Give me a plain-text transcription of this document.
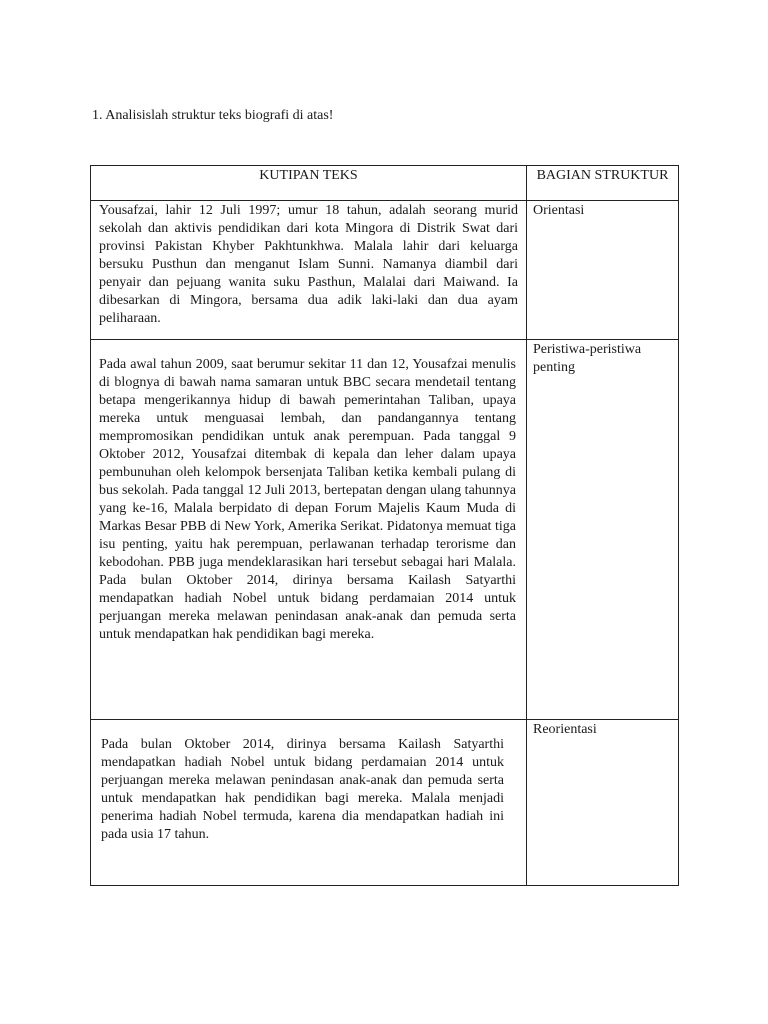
1. Analisislah struktur teks biografi di atas!
KUTIPAN TEKS	BAGIAN STRUKTUR
Yousafzai, lahir 12 Juli 1997; umur 18 tahun, adalah seorang murid sekolah dan aktivis pendidikan dari kota Mingora di Distrik Swat dari provinsi Pakistan Khyber Pakhtunkhwa. Malala lahir dari keluarga bersuku Pusthun dan menganut Islam Sunni. Namanya diambil dari penyair dan pejuang wanita suku Pasthun, Malalai dari Maiwand. Ia dibesarkan di Mingora, bersama dua adik laki-laki dan dua ayam peliharaan.	Orientasi
Pada awal tahun 2009, saat berumur sekitar 11 dan 12, Yousafzai menulis di blognya di bawah nama samaran untuk BBC secara mendetail tentang betapa mengerikannya hidup di bawah pemerintahan Taliban, upaya mereka untuk menguasai lembah, dan pandangannya tentang mempromosikan pendidikan untuk anak perempuan. Pada tanggal 9 Oktober 2012, Yousafzai ditembak di kepala dan leher dalam upaya pembunuhan oleh kelompok bersenjata Taliban ketika kembali pulang di bus sekolah. Pada tanggal 12 Juli 2013, bertepatan dengan ulang tahunnya yang ke-16, Malala berpidato di depan Forum Majelis Kaum Muda di Markas Besar PBB di New York, Amerika Serikat. Pidatonya memuat tiga isu penting, yaitu hak perempuan, perlawanan terhadap terorisme dan kebodohan. PBB juga mendeklarasikan hari tersebut sebagai hari Malala. Pada bulan Oktober 2014, dirinya bersama Kailash Satyarthi mendapatkan hadiah Nobel untuk bidang perdamaian 2014 untuk perjuangan mereka melawan penindasan anak-anak dan pemuda serta untuk mendapatkan hak pendidikan bagi mereka.	Peristiwa-peristiwa penting
Pada bulan Oktober 2014, dirinya bersama Kailash Satyarthi mendapatkan hadiah Nobel untuk bidang perdamaian 2014 untuk perjuangan mereka melawan penindasan anak-anak dan pemuda serta untuk mendapatkan hak pendidikan bagi mereka. Malala menjadi penerima hadiah Nobel termuda, karena dia mendapatkan hadiah ini pada usia 17 tahun.	Reorientasi
